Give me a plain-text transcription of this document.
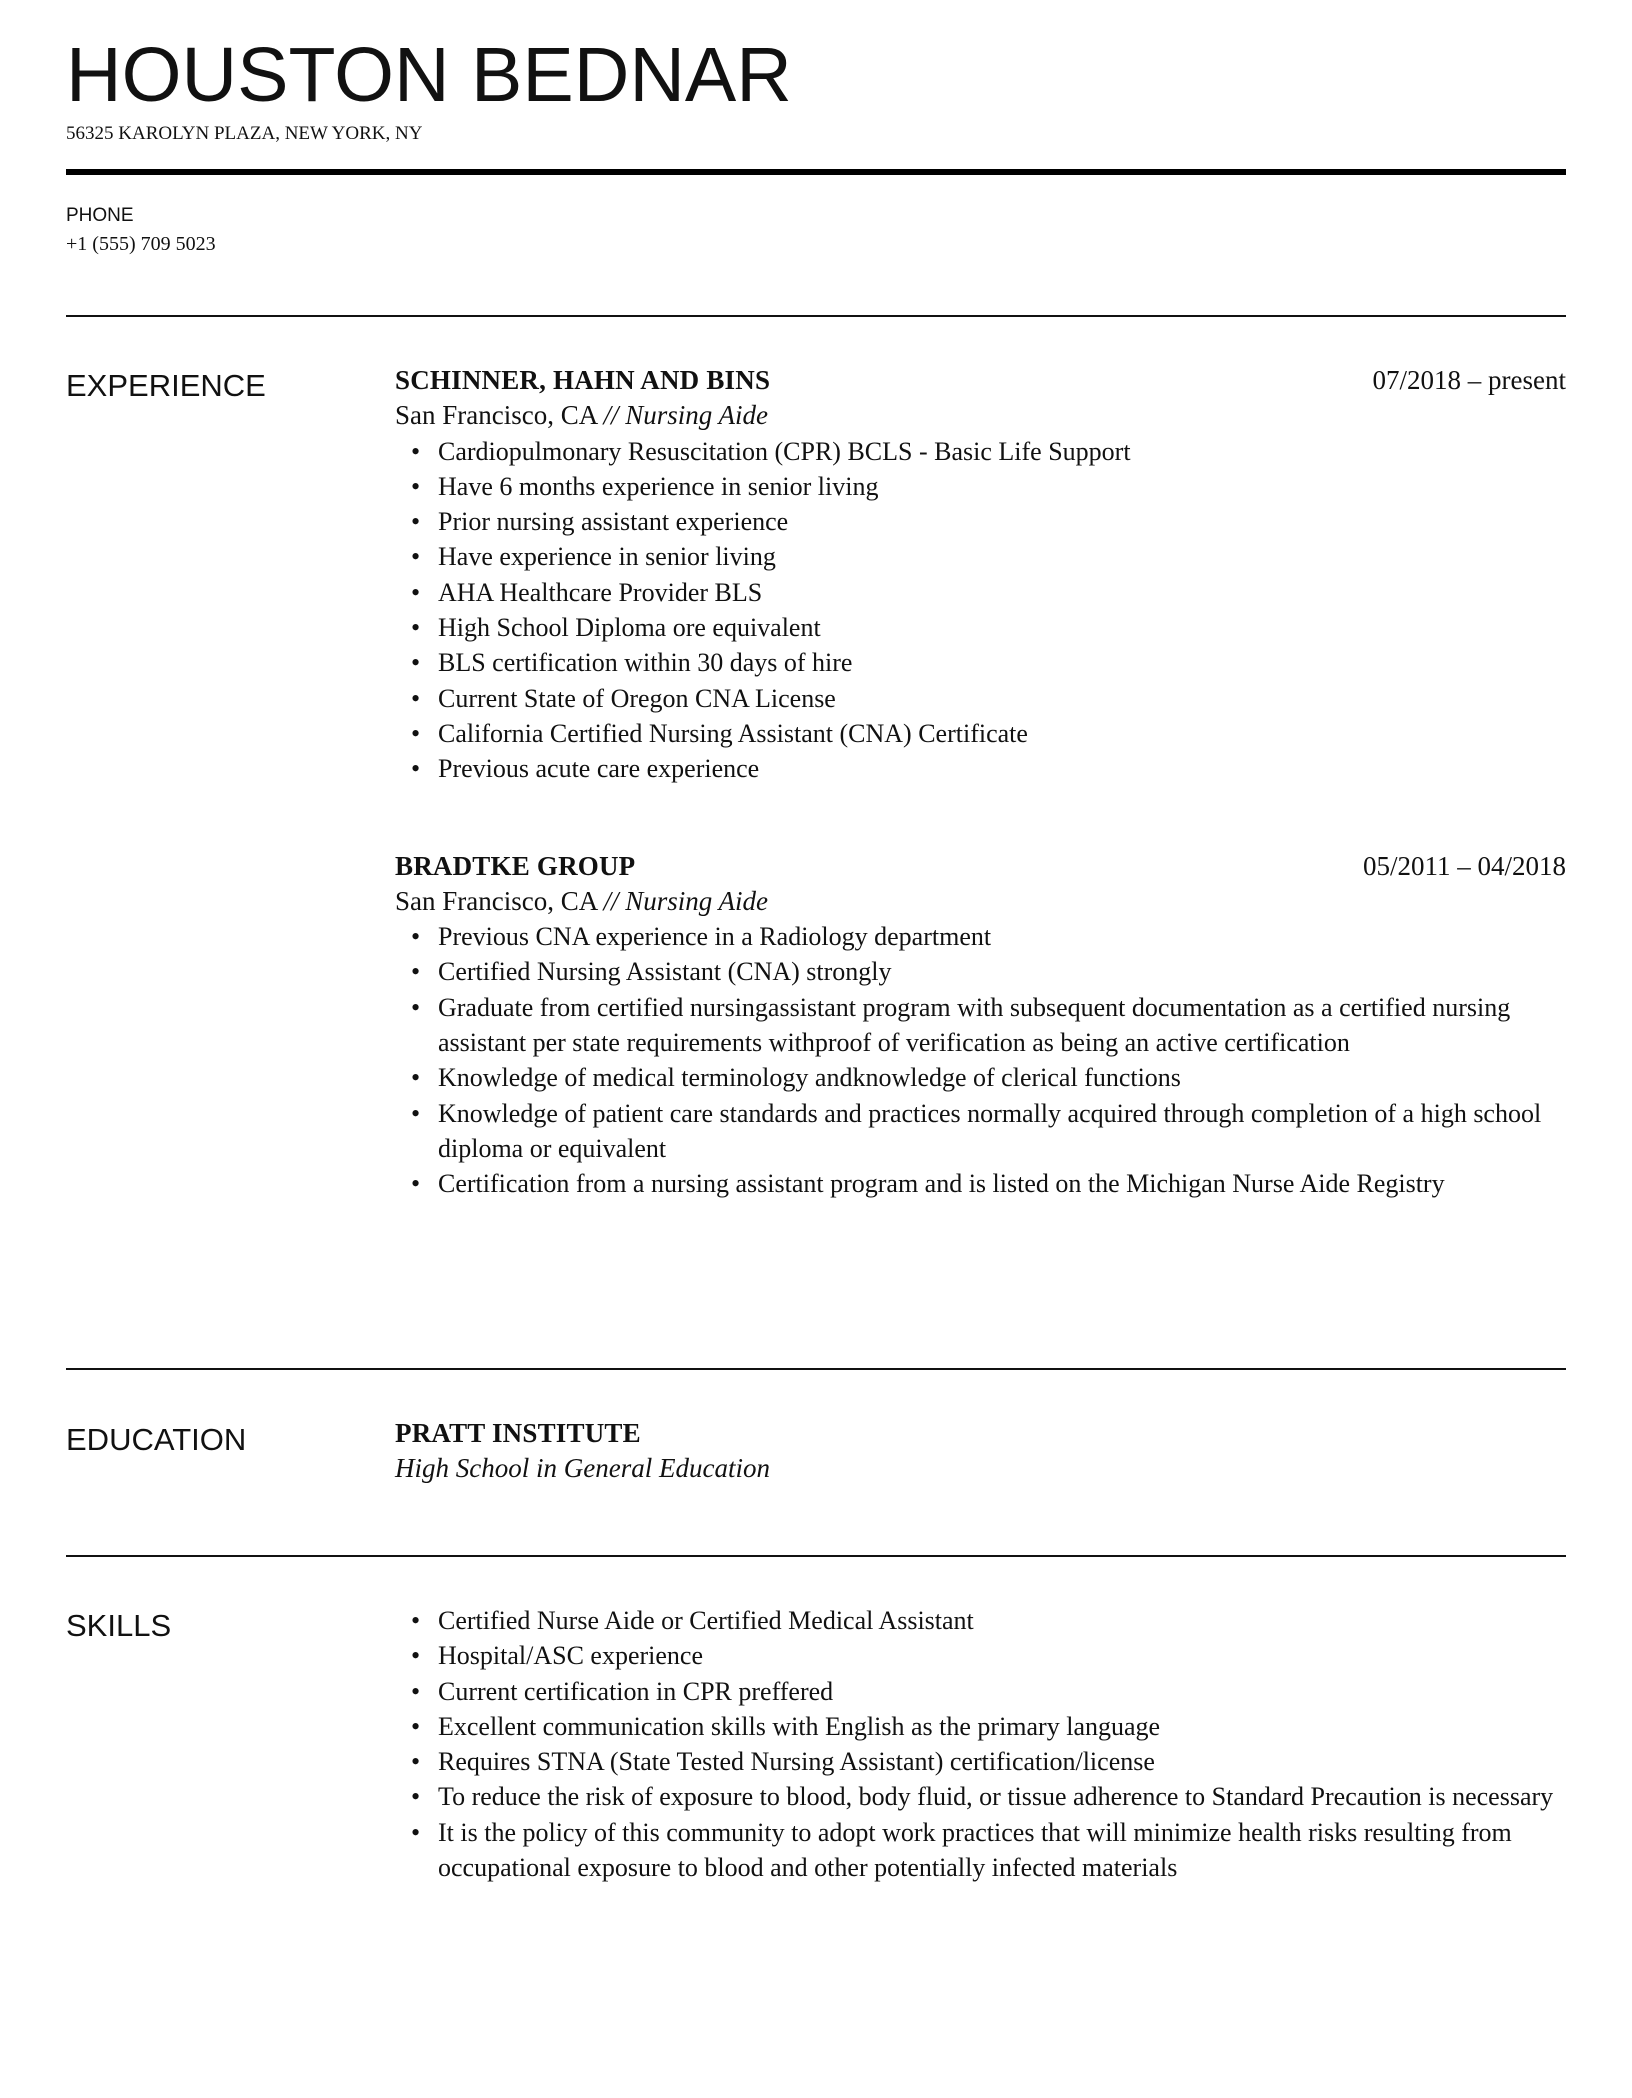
HOUSTON BEDNAR
56325 KAROLYN PLAZA, NEW YORK, NY
PHONE
+1 (555) 709 5023
EXPERIENCE	SCHINNER, HAHN AND BINS	07/2018 – present
San Francisco, CA // Nursing Aide
• Cardiopulmonary Resuscitation (CPR) BCLS - Basic Life Support
• Have 6 months experience in senior living
• Prior nursing assistant experience
• Have experience in senior living
• AHA Healthcare Provider BLS
• High School Diploma ore equivalent
• BLS certification within 30 days of hire
• Current State of Oregon CNA License
• California Certified Nursing Assistant (CNA) Certificate
• Previous acute care experience
BRADTKE GROUP	05/2011 – 04/2018
San Francisco, CA // Nursing Aide
• Previous CNA experience in a Radiology department
• Certified Nursing Assistant (CNA) strongly
• Graduate from certified nursingassistant program with subsequent documentation as a certified nursing assistant per state requirements withproof of verification as being an active certification
• Knowledge of medical terminology andknowledge of clerical functions
• Knowledge of patient care standards and practices normally acquired through completion of a high school diploma or equivalent
• Certification from a nursing assistant program and is listed on the Michigan Nurse Aide Registry
EDUCATION	PRATT INSTITUTE
High School in General Education
SKILLS
•	Certified Nurse Aide or Certified Medical Assistant
• Hospital/ASC experience
• Current certification in CPR preffered
• Excellent communication skills with English as the primary language
• Requires STNA (State Tested Nursing Assistant) certification/license
• To reduce the risk of exposure to blood, body fluid, or tissue adherence to Standard Precaution is necessary
• It is the policy of this community to adopt work practices that will minimize health risks resulting from occupational exposure to blood and other potentially infected materials
